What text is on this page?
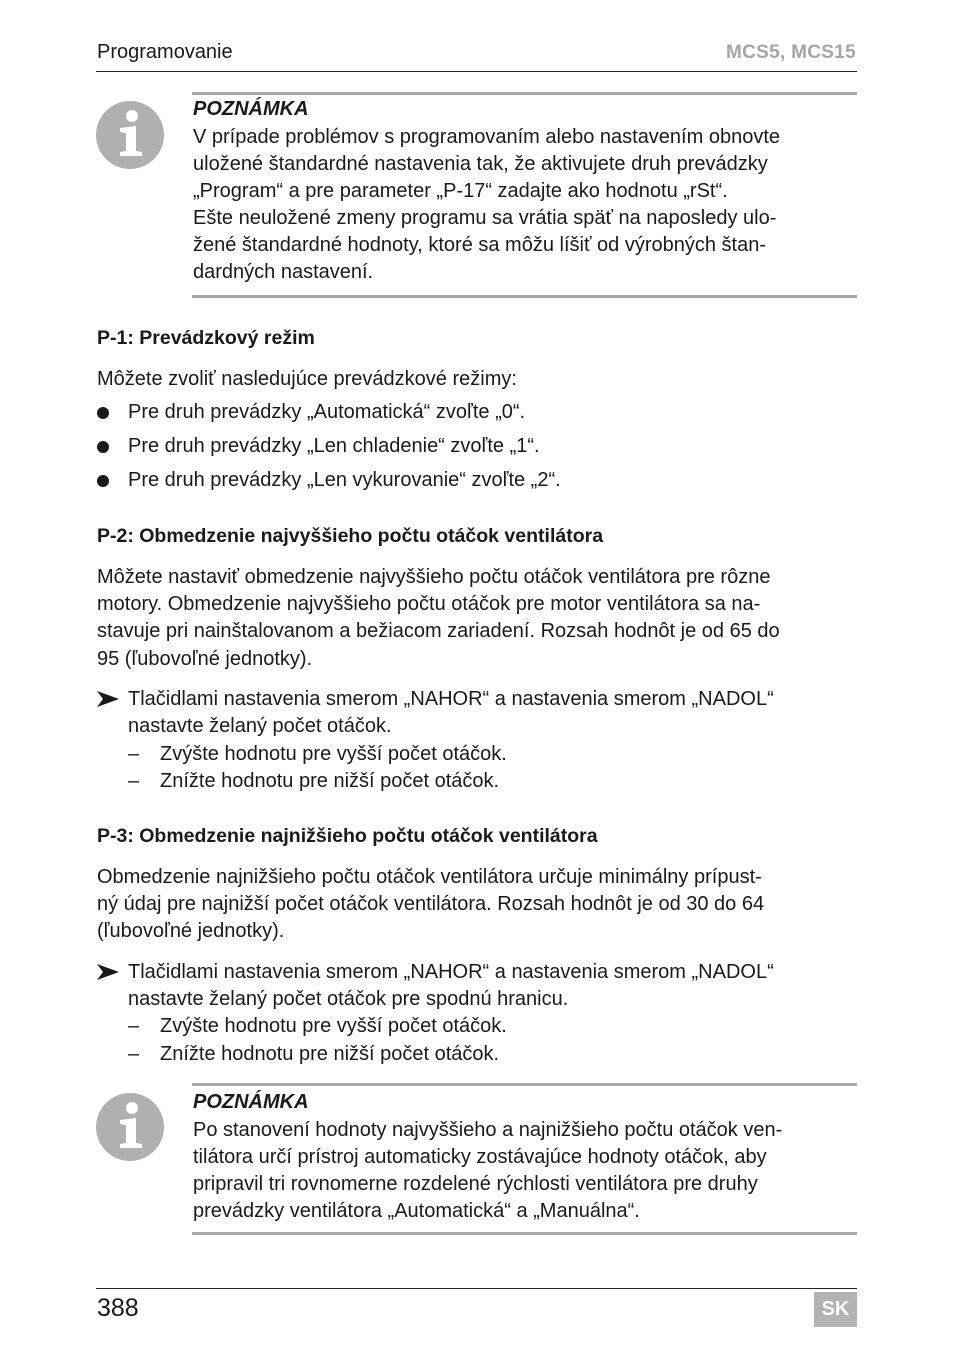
Programovanie	MCS5, MCS15
POZNÁMKA
V prípade problémov s programovaním alebo nastavením obnovte
uložené štandardné nastavenia tak, že aktivujete druh prevádzky
„Program“ a pre parameter „P-17“ zadajte ako hodnotu „rSt“.
Ešte neuložené zmeny programu sa vrátia späť na naposledy ulo-
žené štandardné hodnoty, ktoré sa môžu líšiť od výrobných štan-
dardných nastavení.
P-1: Prevádzkový režim
Môžete zvoliť nasledujúce prevádzkové režimy:
Pre druh prevádzky „Automatická“ zvoľte „0“.
Pre druh prevádzky „Len chladenie“ zvoľte „1“.
Pre druh prevádzky „Len vykurovanie“ zvoľte „2“.
P-2: Obmedzenie najvyššieho počtu otáčok ventilátora
Môžete nastaviť obmedzenie najvyššieho počtu otáčok ventilátora pre rôzne
motory. Obmedzenie najvyššieho počtu otáčok pre motor ventilátora sa na-
stavuje pri nainštalovanom a bežiacom zariadení. Rozsah hodnôt je od 65 do
95 (ľubovoľné jednotky).
Tlačidlami nastavenia smerom „NAHOR“ a nastavenia smerom „NADOL“
nastavte želaný počet otáčok.
– Zvýšte hodnotu pre vyšší počet otáčok.
– Znížte hodnotu pre nižší počet otáčok.
P-3: Obmedzenie najnižšieho počtu otáčok ventilátora
Obmedzenie najnižšieho počtu otáčok ventilátora určuje minimálny prípust-
ný údaj pre najnižší počet otáčok ventilátora. Rozsah hodnôt je od 30 do 64
(ľubovoľné jednotky).
Tlačidlami nastavenia smerom „NAHOR“ a nastavenia smerom „NADOL“
nastavte želaný počet otáčok pre spodnú hranicu.
– Zvýšte hodnotu pre vyšší počet otáčok.
– Znížte hodnotu pre nižší počet otáčok.
POZNÁMKA
Po stanovení hodnoty najvyššieho a najnižšieho počtu otáčok ven-
tilátora určí prístroj automaticky zostávajúce hodnoty otáčok, aby
pripravil tri rovnomerne rozdelené rýchlosti ventilátora pre druhy
prevádzky ventilátora „Automatická“ a „Manuálna“.
388	SK
